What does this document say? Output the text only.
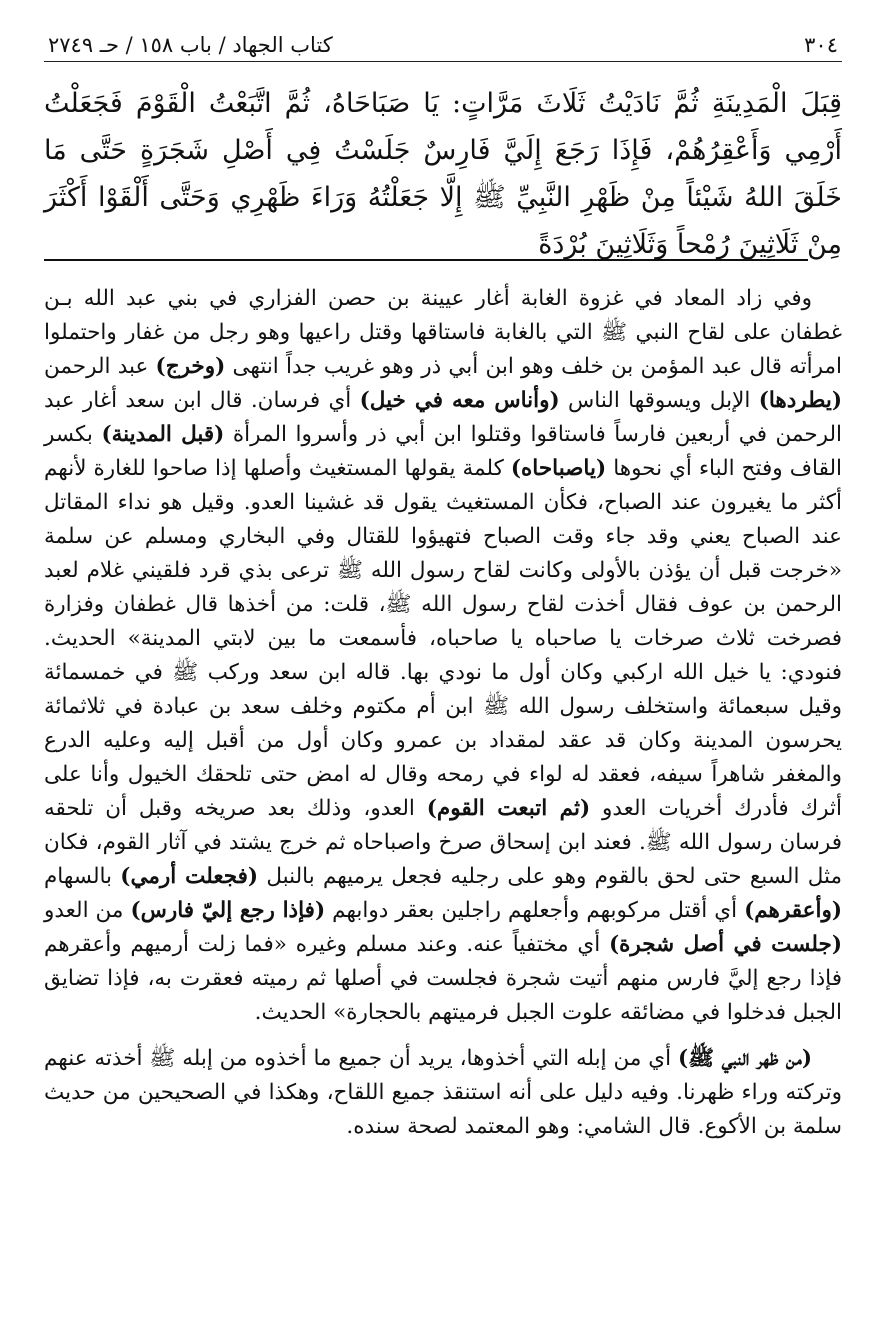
٣٠٤
كتاب الجهاد / باب ١٥٨ / حـ ٢٧٤٩
قِبَلَ الْمَدِينَةِ ثُمَّ نَادَيْتُ ثَلَاثَ مَرَّاتٍ: يَا صَبَاحَاهُ، ثُمَّ اتَّبَعْتُ الْقَوْمَ فَجَعَلْتُ أَرْمِي وَأَعْقِرُهُمْ، فَإِذَا رَجَعَ إِلَيَّ فَارِسٌ جَلَسْتُ فِي أَصْلِ شَجَرَةٍ حَتَّى مَا خَلَقَ اللهُ شَيْئاً مِنْ ظَهْرِ النَّبِيِّ ﷺ إِلَّا جَعَلْتُهُ وَرَاءَ ظَهْرِي وَحَتَّى أَلْقَوْا أَكْثَرَ مِنْ ثَلَاثِينَ رُمْحاً وَثَلَاثِينَ بُرْدَةً

وفي زاد المعاد في غزوة الغابة أغار عيينة بن حصن الفزاري في بني عبد الله بـن غطفان على لقاح النبي ﷺ التي بالغابة فاستاقها وقتل راعيها وهو رجل من غفار واحتملوا امرأته قال عبد المؤمن بن خلف وهو ابن أبي ذر وهو غريب جداً انتهى (وخرج) عبد الرحمن (يطردها) الإبل ويسوقها الناس (وأناس معه في خيل) أي فرسان. قال ابن سعد أغار عبد الرحمن في أربعين فارساً فاستاقوا وقتلوا ابن أبي ذر وأسروا المرأة (قبل المدينة) بكسر القاف وفتح الباء أي نحوها (ياصباحاه) كلمة يقولها المستغيث وأصلها إذا صاحوا للغارة لأنهم أكثر ما يغيرون عند الصباح، فكأن المستغيث يقول قد غشينا العدو. وقيل هو نداء المقاتل عند الصباح يعني وقد جاء وقت الصباح فتهيؤوا للقتال وفي البخاري ومسلم عن سلمة «خرجت قبل أن يؤذن بالأولى وكانت لقاح رسول الله ﷺ ترعى بذي قرد فلقيني غلام لعبد الرحمن بن عوف فقال أخذت لقاح رسول الله ﷺ، قلت: من أخذها قال غطفان وفزارة فصرخت ثلاث صرخات يا صاحباه يا صاحباه، فأسمعت ما بين لابتي المدينة» الحديث. فنودي: يا خيل الله اركبي وكان أول ما نودي بها. قاله ابن سعد وركب ﷺ في خمسمائة وقيل سبعمائة واستخلف رسول الله ﷺ ابن أم مكتوم وخلف سعد بن عبادة في ثلاثمائة يحرسون المدينة وكان قد عقد لمقداد بن عمرو وكان أول من أقبل إليه وعليه الدرع والمغفر شاهراً سيفه، فعقد له لواء في رمحه وقال له امض حتى تلحقك الخيول وأنا على أثرك فأدرك أخريات العدو (ثم اتبعت القوم) العدو، وذلك بعد صريخه وقبل أن تلحقه فرسان رسول الله ﷺ. فعند ابن إسحاق صرخ واصباحاه ثم خرج يشتد في آثار القوم، فكان مثل السبع حتى لحق بالقوم وهو على رجليه فجعل يرميهم بالنبل (فجعلت أرمي) بالسهام (وأعقرهم) أي أقتل مركوبهم وأجعلهم راجلين بعقر دوابهم (فإذا رجع إليّ فارس) من العدو (جلست في أصل شجرة) أي مختفياً عنه. وعند مسلم وغيره «فما زلت أرميهم وأعقرهم فإذا رجع إليَّ فارس منهم أتيت شجرة فجلست في أصلها ثم رميته فعقرت به، فإذا تضايق الجبل فدخلوا في مضائقه علوت الجبل فرميتهم بالحجارة» الحديث.

(من ظهر النبي ﷺ) أي من إبله التي أخذوها، يريد أن جميع ما أخذوه من إبله ﷺ أخذته عنهم وتركته وراء ظهرنا. وفيه دليل على أنه استنقذ جميع اللقاح، وهكذا في الصحيحين من حديث سلمة بن الأكوع. قال الشامي: وهو المعتمد لصحة سنده.
